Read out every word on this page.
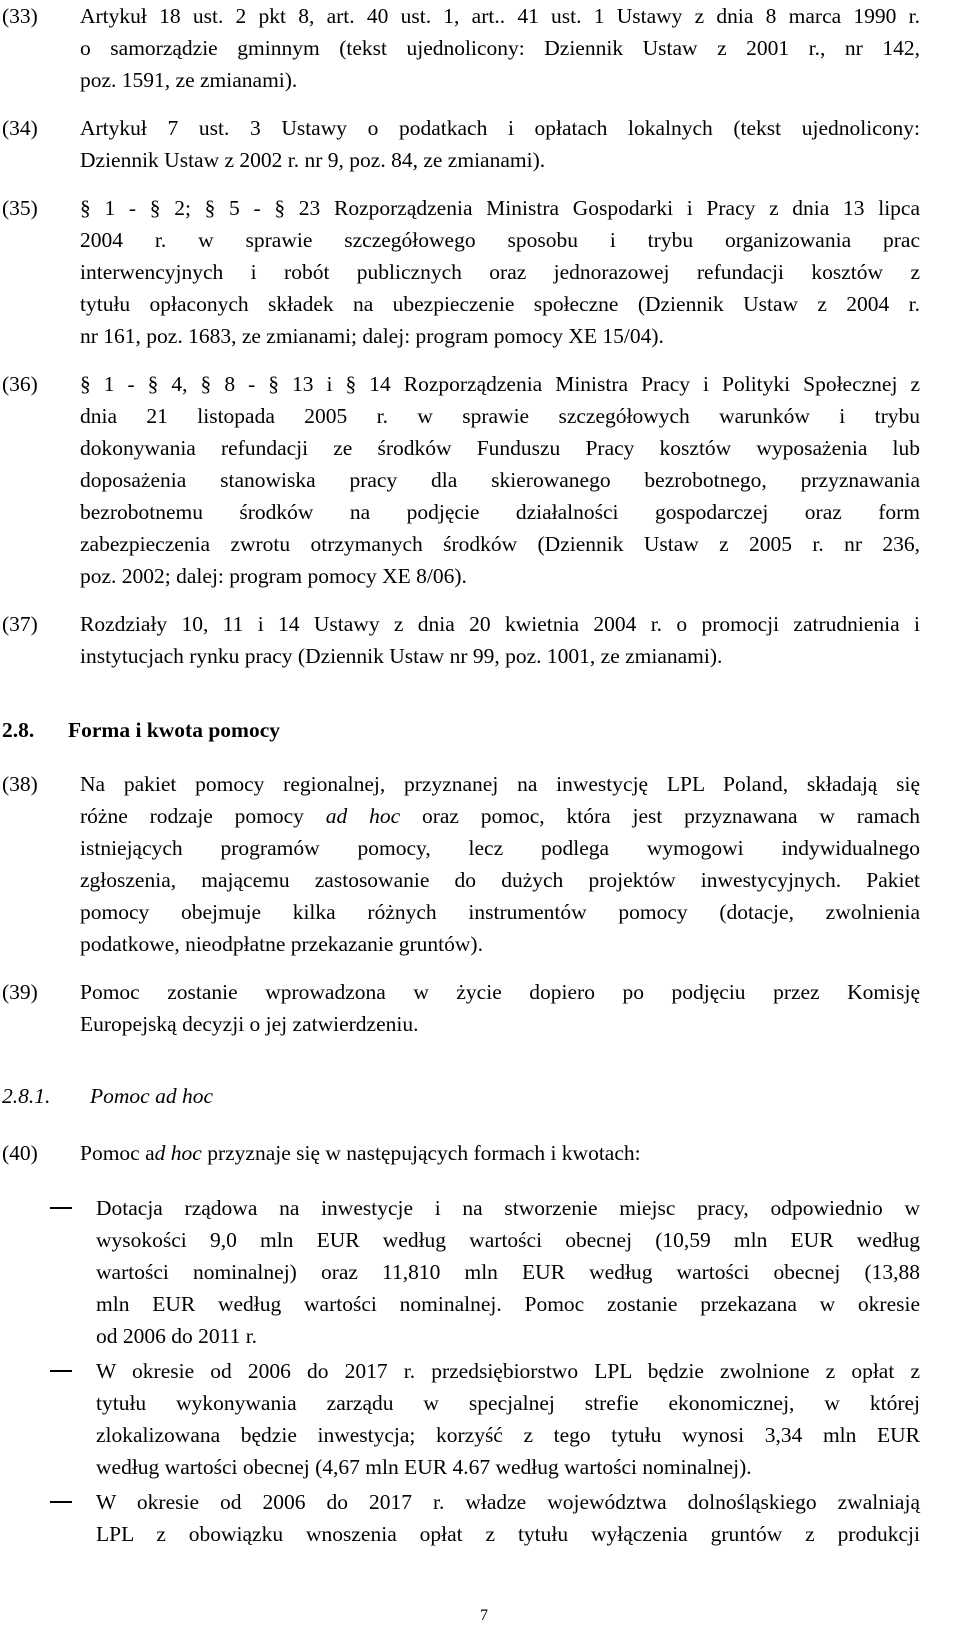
(33) Artykuł 18 ust. 2 pkt 8, art. 40 ust. 1, art.. 41 ust. 1 Ustawy z dnia 8 marca 1990 r.
o samorządzie gminnym (tekst ujednolicony: Dziennik Ustaw z 2001 r., nr 142,
poz. 1591, ze zmianami).
(34) Artykuł 7 ust. 3 Ustawy o podatkach i opłatach lokalnych (tekst ujednolicony:
Dziennik Ustaw z 2002 r. nr 9, poz. 84, ze zmianami).
(35) § 1 - § 2; § 5 - § 23 Rozporządzenia Ministra Gospodarki i Pracy z dnia 13 lipca
2004 r. w sprawie szczegółowego sposobu i trybu organizowania prac
interwencyjnych i robót publicznych oraz jednorazowej refundacji kosztów z
tytułu opłaconych składek na ubezpieczenie społeczne (Dziennik Ustaw z 2004 r.
nr 161, poz. 1683, ze zmianami; dalej: program pomocy XE 15/04).
(36) § 1 - § 4, § 8 - § 13 i § 14 Rozporządzenia Ministra Pracy i Polityki Społecznej z
dnia 21 listopada 2005 r. w sprawie szczegółowych warunków i trybu
dokonywania refundacji ze środków Funduszu Pracy kosztów wyposażenia lub
doposażenia stanowiska pracy dla skierowanego bezrobotnego, przyznawania
bezrobotnemu środków na podjęcie działalności gospodarczej oraz form
zabezpieczenia zwrotu otrzymanych środków (Dziennik Ustaw z 2005 r. nr 236,
poz. 2002; dalej: program pomocy XE 8/06).
(37) Rozdziały 10, 11 i 14 Ustawy z dnia 20 kwietnia 2004 r. o promocji zatrudnienia i
instytucjach rynku pracy (Dziennik Ustaw nr 99, poz. 1001, ze zmianami).
2.8. Forma i kwota pomocy
(38) Na pakiet pomocy regionalnej, przyznanej na inwestycję LPL Poland, składają się
różne rodzaje pomocy ad hoc oraz pomoc, która jest przyznawana w ramach
istniejących programów pomocy, lecz podlega wymogowi indywidualnego
zgłoszenia, mającemu zastosowanie do dużych projektów inwestycyjnych. Pakiet
pomocy obejmuje kilka różnych instrumentów pomocy (dotacje, zwolnienia
podatkowe, nieodpłatne przekazanie gruntów).
(39) Pomoc zostanie wprowadzona w życie dopiero po podjęciu przez Komisję
Europejską decyzji o jej zatwierdzeniu.
2.8.1. Pomoc ad hoc
(40) Pomoc ad hoc przyznaje się w następujących formach i kwotach:
Dotacja rządowa na inwestycje i na stworzenie miejsc pracy, odpowiednio w
wysokości 9,0 mln EUR według wartości obecnej (10,59 mln EUR według
wartości nominalnej) oraz 11,810 mln EUR według wartości obecnej (13,88
mln EUR według wartości nominalnej. Pomoc zostanie przekazana w okresie
od 2006 do 2011 r.
W okresie od 2006 do 2017 r. przedsiębiorstwo LPL będzie zwolnione z opłat z
tytułu wykonywania zarządu w specjalnej strefie ekonomicznej, w której
zlokalizowana będzie inwestycja; korzyść z tego tytułu wynosi 3,34 mln EUR
według wartości obecnej (4,67 mln EUR 4.67 według wartości nominalnej).
W okresie od 2006 do 2017 r. władze województwa dolnośląskiego zwalniają
LPL z obowiązku wnoszenia opłat z tytułu wyłączenia gruntów z produkcji
7
